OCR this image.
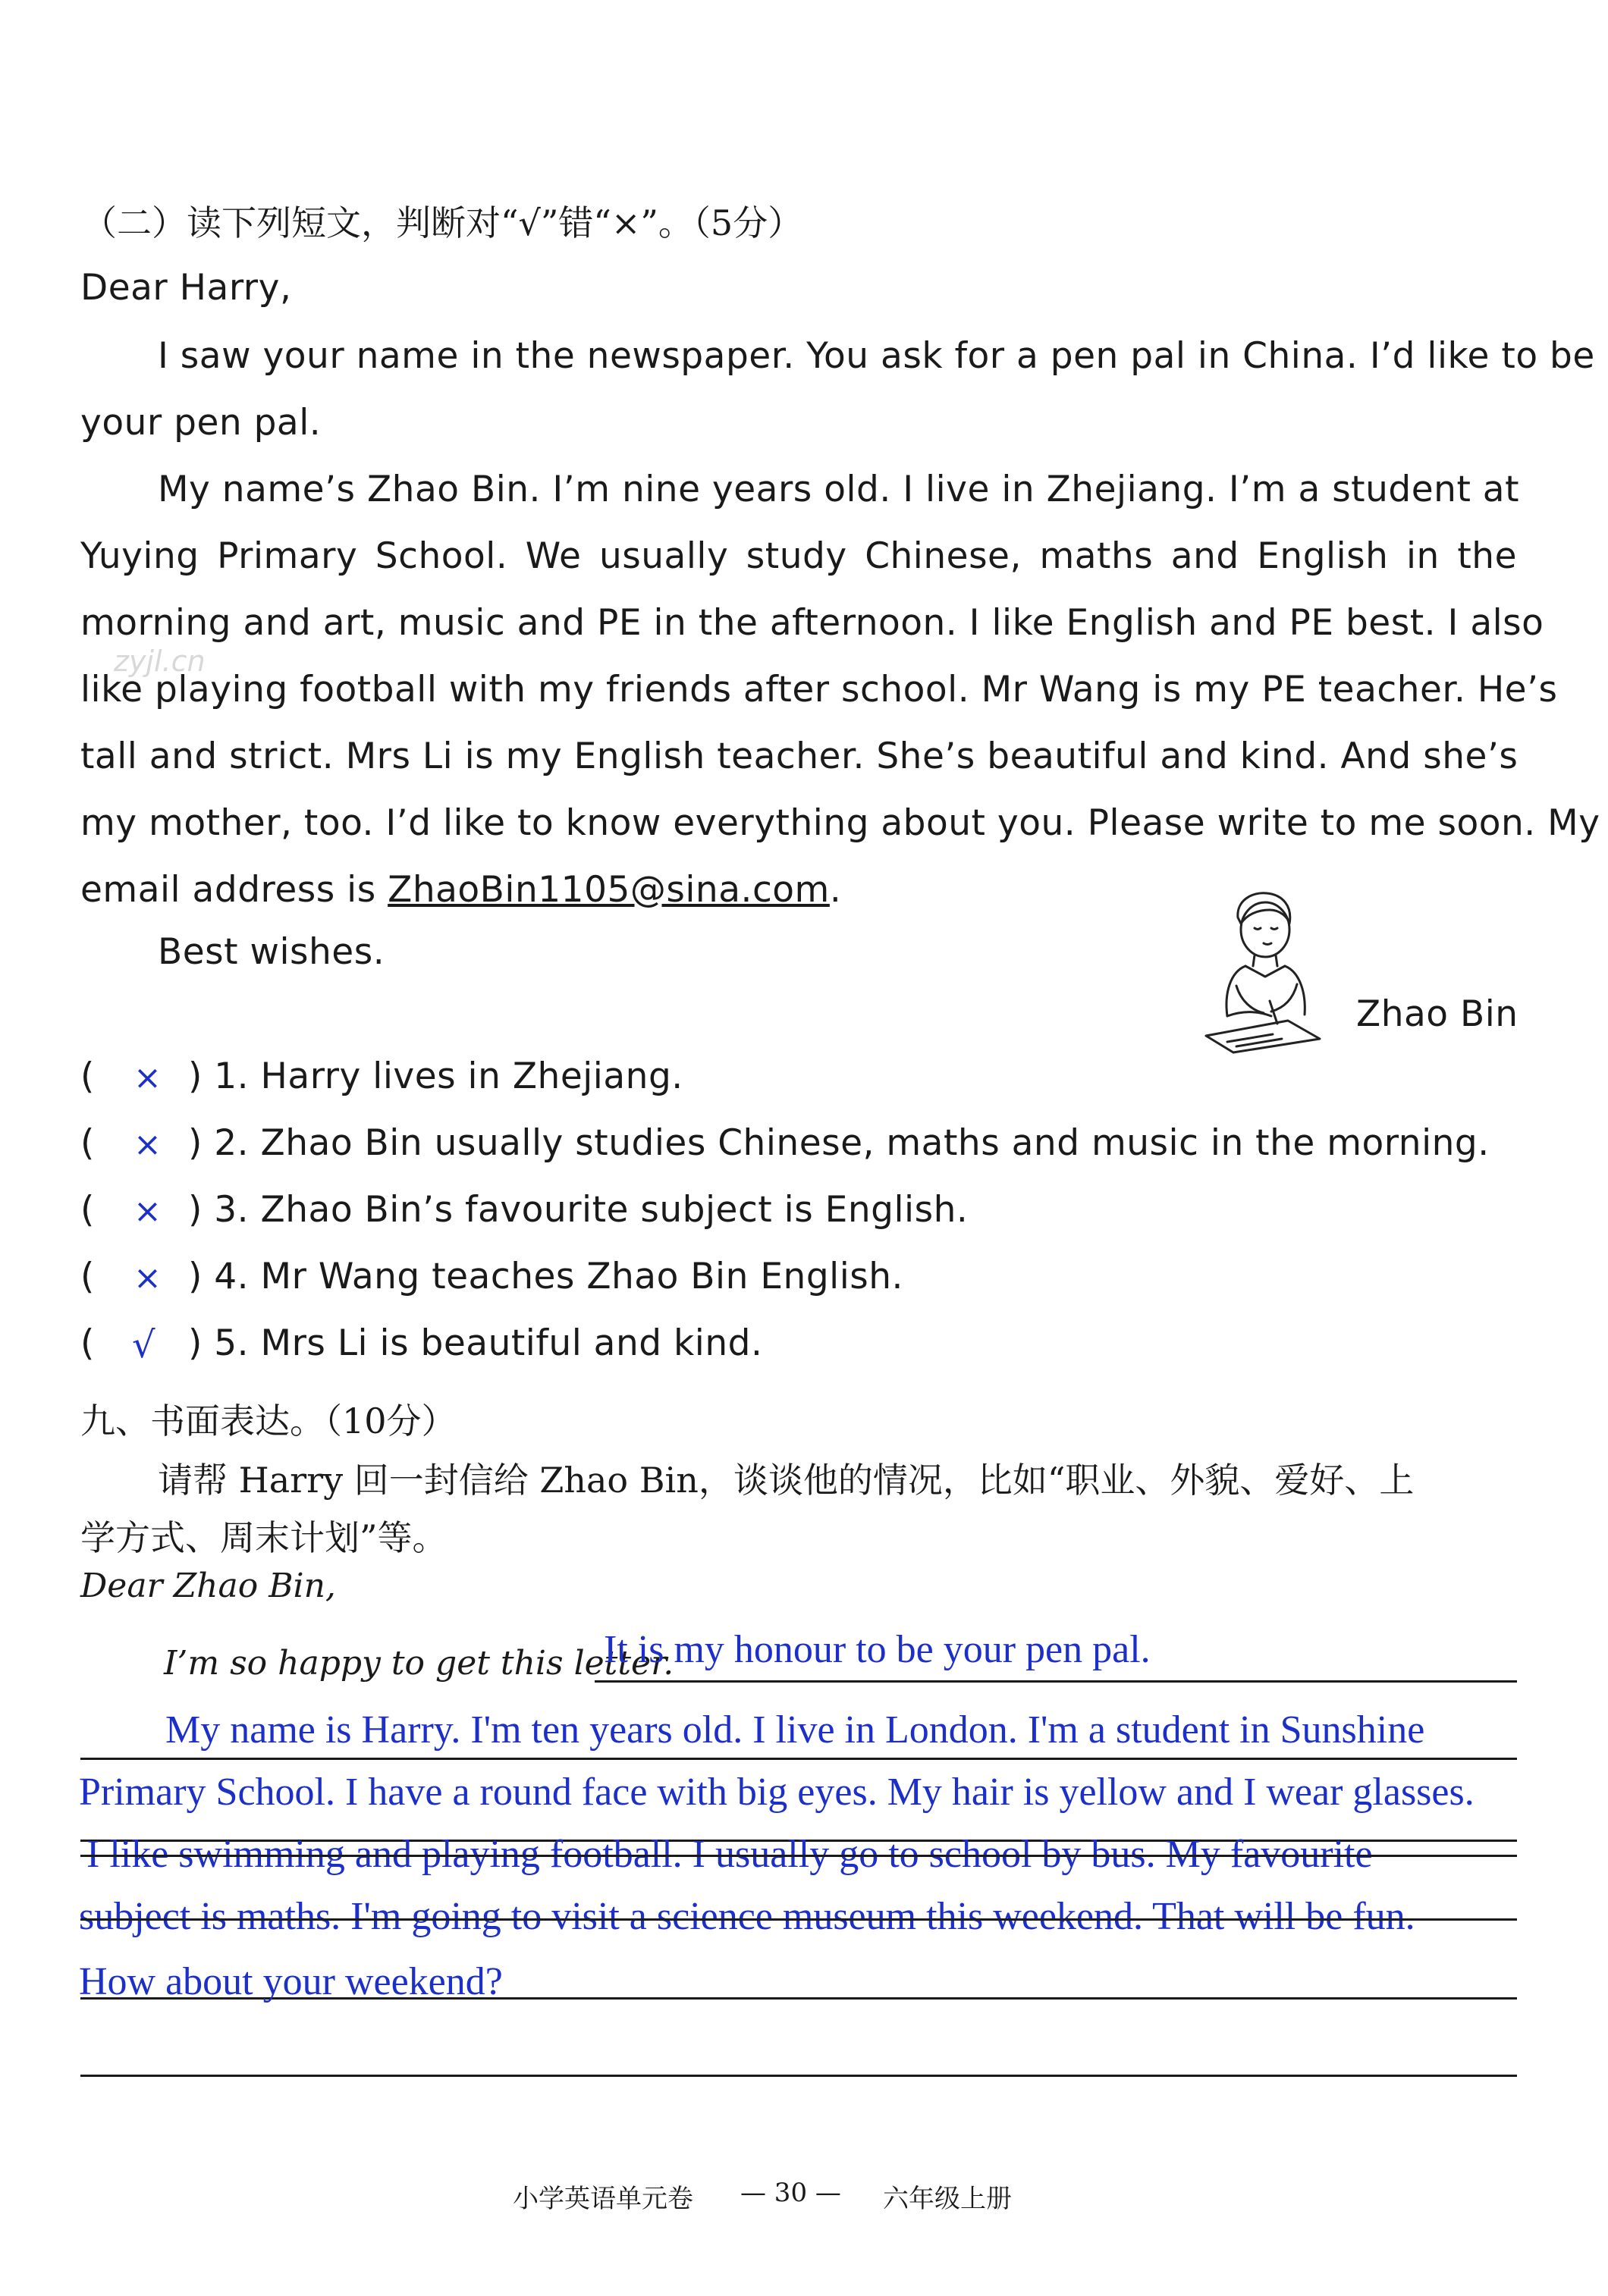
（二）读下列短文，判断对“√”错“×”。（5分）
Dear Harry,
I saw your name in the newspaper. You ask for a pen pal in China. I’d like to be
your pen pal.
My name’s Zhao Bin. I’m nine years old. I live in Zhejiang. I’m a student at
Yuying Primary School. We usually study Chinese, maths and English in the
morning and art, music and PE in the afternoon. I like English and PE best. I also
like playing football with my friends after school. Mr Wang is my PE teacher. He’s
tall and strict. Mrs Li is my English teacher. She’s beautiful and kind. And she’s
my mother, too. I’d like to know everything about you. Please write to me soon. My
email address is ZhaoBin1105@sina.com.
Best wishes.
Zhao Bin
zyjl.cn
( × ) 1. Harry lives in Zhejiang.
( × ) 2. Zhao Bin usually studies Chinese, maths and music in the morning.
( × ) 3. Zhao Bin’s favourite subject is English.
( × ) 4. Mr Wang teaches Zhao Bin English.
( √ ) 5. Mrs Li is beautiful and kind.
九、书面表达。（10分）
请帮 Harry 回一封信给 Zhao Bin，谈谈他的情况，比如“职业、外貌、爱好、上
学方式、周末计划”等。
Dear Zhao Bin,
I’m so happy to get this letter.
It is my honour to be your pen pal.
My name is Harry. I'm ten years old. I live in London. I'm a student in Sunshine
Primary School. I have a round face with big eyes. My hair is yellow and I wear glasses.
I like swimming and playing football. I usually go to school by bus. My favourite
subject is maths. I'm going to visit a science museum this weekend. That will be fun.
How about your weekend?
小学英语单元卷 — 30 — 六年级上册
